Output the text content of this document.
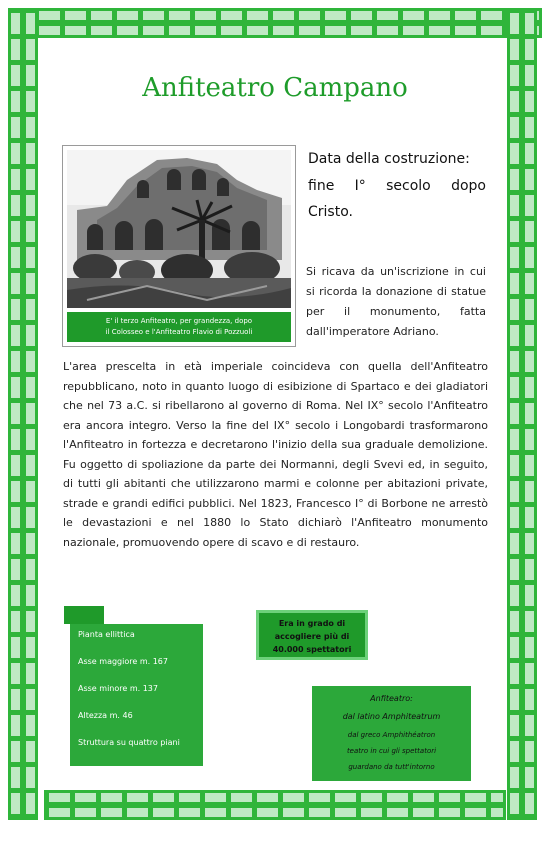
Anfiteatro Campano
E' il terzo Anfiteatro, per grandezza, dopo
il Colosseo e l'Anfiteatro Flavio di Pozzuoli
Data della costruzione:
fine I° secolo dopo
Cristo.
Si ricava da un'iscrizione in cui si ricorda la donazione di statue per il monumento, fatta dall'imperatore Adriano.
L'area prescelta in età imperiale coincideva con quella dell'Anfiteatro repubblicano, noto in quanto luogo di esibizione di Spartaco e dei gladiatori che nel 73 a.C. si ribellarono al governo di Roma. Nel IX° secolo l'Anfiteatro era ancora integro. Verso la fine del IX° secolo i Longobardi trasformarono l'Anfiteatro in fortezza e decretarono l'inizio della sua graduale demolizione. Fu oggetto di spoliazione da parte dei Normanni, degli Svevi ed, in seguito, di tutti gli abitanti che utilizzarono marmi e colonne per abitazioni private, strade e grandi edifici pubblici. Nel 1823, Francesco I° di Borbone ne arrestò le devastazioni e nel 1880 lo Stato dichiarò l'Anfiteatro monumento nazionale, promuovendo opere di scavo e di restauro.
Pianta ellittica
Asse maggiore m. 167
Asse minore m. 137
Altezza m. 46
Struttura su quattro piani
Era in grado di
accogliere più di
40.000 spettatori
Anfiteatro:
dal latino Amphiteatrum
dal greco Amphithéatron
teatro in cui gli spettatori
guardano da tutt'intorno
